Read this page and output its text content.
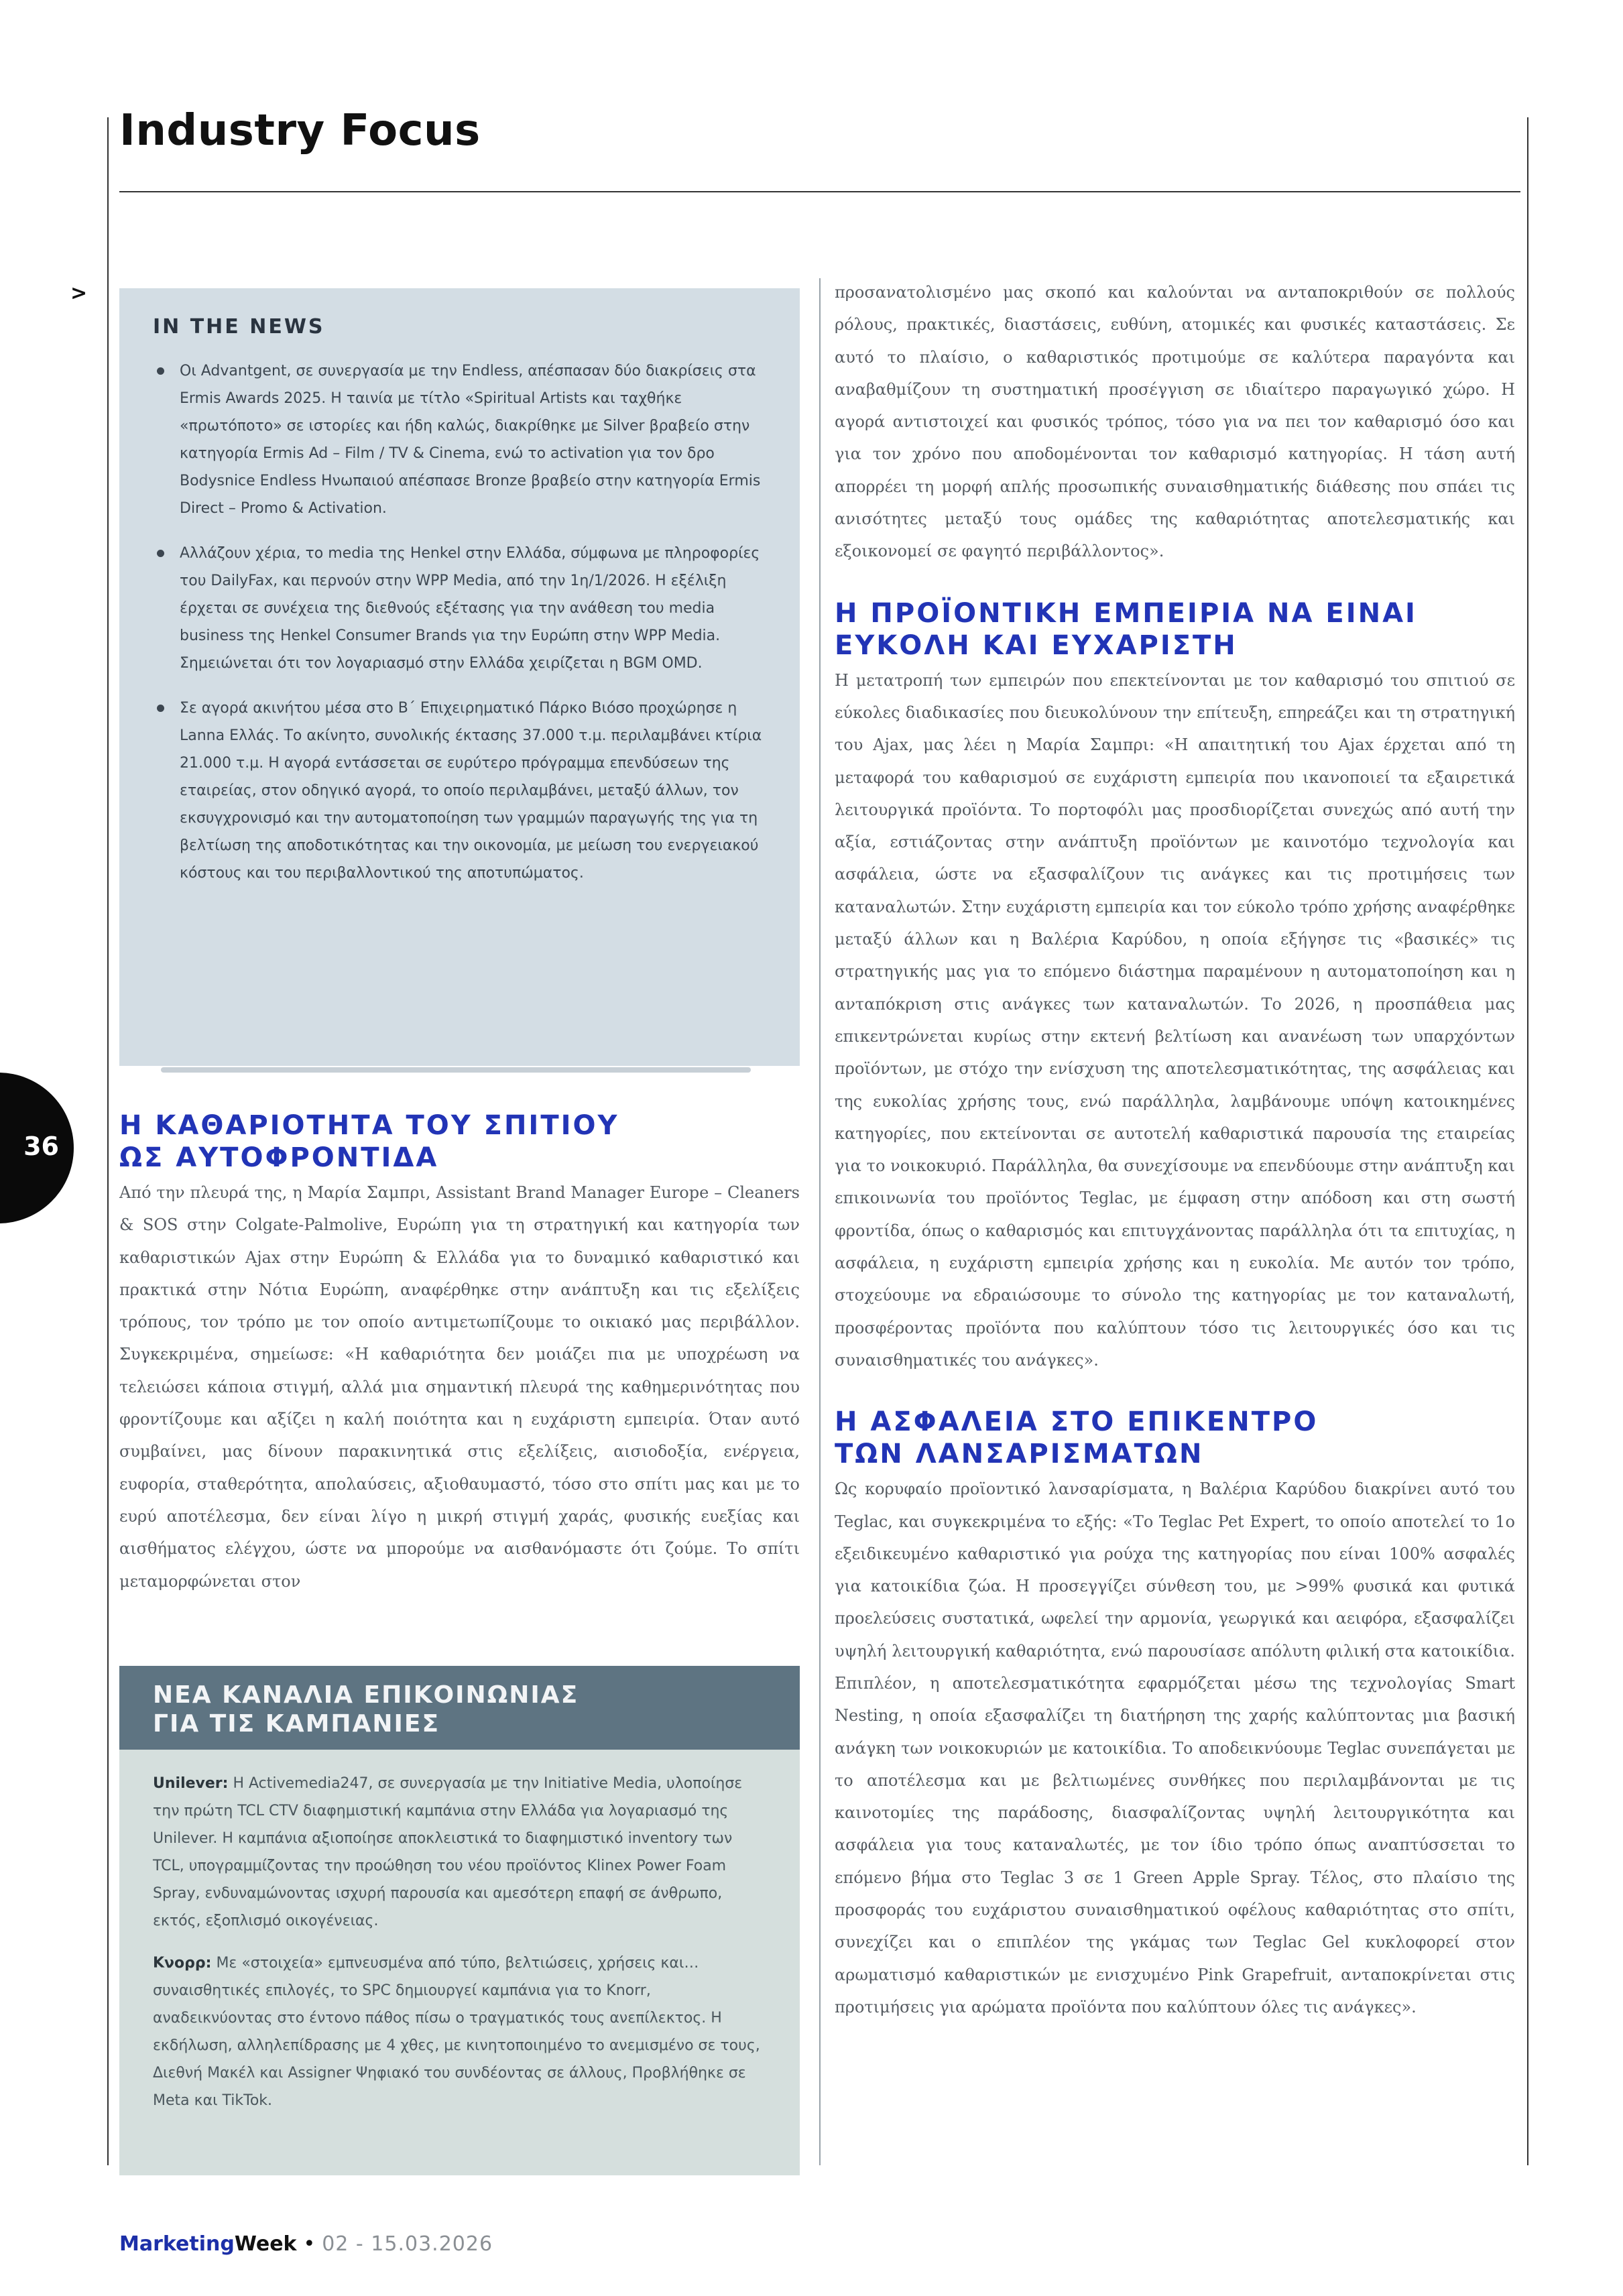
Industry Focus
>
36
IN THE NEWS
Οι Advantgent, σε συνεργασία με την Endless, απέσπασαν δύο διακρίσεις στα Ermis Awards 2025. Η ταινία με τίτλο «Spiritual Artists και ταχθήκε «πρωτόποτο» σε ιστορίες και ήδη καλώς, διακρίθηκε με Silver βραβείο στην κατηγορία Ermis Ad – Film / TV & Cinema, ενώ το activation για τον δρο Bodysnice Endless Ηνωπαιού απέσπασε Bronze βραβείο στην κατηγορία Ermis Direct – Promo & Activation.
Αλλάζουν χέρια, το media της Henkel στην Ελλάδα, σύμφωνα με πληροφορίες του DailyFax, και περνούν στην WPP Media, από την 1η/1/2026. Η εξέλιξη έρχεται σε συνέχεια της διεθνούς εξέτασης για την ανάθεση του media business της Henkel Consumer Brands για την Ευρώπη στην WPP Media. Σημειώνεται ότι τον λογαριασμό στην Ελλάδα χειρίζεται η BGM OMD.
Σε αγορά ακινήτου μέσα στο Β΄ Επιχειρηματικό Πάρκο Βιόσο προχώρησε η Lanna Ελλάς. Το ακίνητο, συνολικής έκτασης 37.000 τ.μ. περιλαμβάνει κτίρια 21.000 τ.μ. Η αγορά εντάσσεται σε ευρύτερο πρόγραμμα επενδύσεων της εταιρείας, στον οδηγικό αγορά, το οποίο περιλαμβάνει, μεταξύ άλλων, τον εκσυγχρονισμό και την αυτοματοποίηση των γραμμών παραγωγής της για τη βελτίωση της αποδοτικότητας και την οικονομία, με μείωση του ενεργειακού κόστους και του περιβαλλοντικού της αποτυπώματος.
Η ΚΑΘΑΡΙΟΤΗΤΑ ΤΟΥ ΣΠΙΤΙΟΥ
ΩΣ ΑΥΤΟΦΡΟΝΤΙΔΑ
Από την πλευρά της, η Μαρία Σαμπρι, Assistant Brand Manager Europe – Cleaners & SOS στην Colgate-Palmolive, Ευρώπη για τη στρατηγική και κατηγορία των καθαριστικών Ajax στην Ευρώπη & Ελλάδα για το δυναμικό καθαριστικό και πρακτικά στην Νότια Ευρώπη, αναφέρθηκε στην ανάπτυξη και τις εξελίξεις τρόπους, τον τρόπο με τον οποίο αντιμετωπίζουμε το οικιακό μας περιβάλλον. Συγκεκριμένα, σημείωσε: «Η καθαριότητα δεν μοιάζει πια με υποχρέωση να τελειώσει κάποια στιγμή, αλλά μια σημαντική πλευρά της καθημερινότητας που φροντίζουμε και αξίζει η καλή ποιότητα και η ευχάριστη εμπειρία. Όταν αυτό συμβαίνει, μας δίνουν παρακινητικά στις εξελίξεις, αισιοδοξία, ενέργεια, ευφορία, σταθερότητα, απολαύσεις, αξιοθαυμαστό, τόσο στο σπίτι μας και με το ευρύ αποτέλεσμα, δεν είναι λίγο η μικρή στιγμή χαράς, φυσικής ευεξίας και αισθήματος ελέγχου, ώστε να μπορούμε να αισθανόμαστε ότι ζούμε. Το σπίτι μεταμορφώνεται στον
ΝΕΑ ΚΑΝΑΛΙΑ ΕΠΙΚΟΙΝΩΝΙΑΣ
ΓΙΑ ΤΙΣ ΚΑΜΠΑΝΙΕΣ

Unilever: Η Activemedia247, σε συνεργασία με την Initiative Media, υλοποίησε την πρώτη TCL CTV διαφημιστική καμπάνια στην Ελλάδα για λογαριασμό της Unilever. Η καμπάνια αξιοποίησε αποκλειστικά το διαφημιστικό inventory των TCL, υπογραμμίζοντας την προώθηση του νέου προϊόντος Klinex Power Foam Spray, ενδυναμώνοντας ισχυρή παρουσία και αμεσότερη επαφή σε άνθρωπο, εκτός, εξοπλισμό οικογένειας.

Κνορρ: Με «στοιχεία» εμπνευσμένα από τύπο, βελτιώσεις, χρήσεις και… συναισθητικές επιλογές, το SPC δημιουργεί καμπάνια για το Knorr, αναδεικνύοντας στο έντονο πάθος πίσω ο τραγματικός τους ανεπίλεκτος. Η εκδήλωση, αλληλεπίδρασης με 4 χθες, με κινητοποιημένο το ανεμισμένο σε τους, Διεθνή Μακέλ και Assigner Ψηφιακό του συνδέοντας σε άλλους, Προβλήθηκε σε Meta και TikTok.

προσανατολισμένο μας σκοπό και καλούνται να ανταποκριθούν σε πολλούς ρόλους, πρακτικές, διαστάσεις, ευθύνη, ατομικές και φυσικές καταστάσεις. Σε αυτό το πλαίσιο, ο καθαριστικός προτιμούμε σε καλύτερα παραγόντα και αναβαθμίζουν τη συστηματική προσέγγιση σε ιδιαίτερο παραγωγικό χώρο. Η αγορά αντιστοιχεί και φυσικός τρόπος, τόσο για να πει τον καθαρισμό όσο και για τον χρόνο που αποδομένονται τον καθαρισμό κατηγορίας. Η τάση αυτή απορρέει τη μορφή απλής προσωπικής συναισθηματικής διάθεσης που σπάει τις ανισότητες μεταξύ τους ομάδες της καθαριότητας αποτελεσματικής και εξοικονομεί σε φαγητό περιβάλλοντος».
Η ΠΡΟΪΟΝΤΙΚΗ ΕΜΠΕΙΡΙΑ ΝΑ ΕΙΝΑΙ
ΕΥΚΟΛΗ ΚΑΙ ΕΥΧΑΡΙΣΤΗ
Η μετατροπή των εμπειρών που επεκτείνονται με τον καθαρισμό του σπιτιού σε εύκολες διαδικασίες που διευκολύνουν την επίτευξη, επηρεάζει και τη στρατηγική του Ajax, μας λέει η Μαρία Σαμπρι: «Η απαιτητική του Ajax έρχεται από τη μεταφορά του καθαρισμού σε ευχάριστη εμπειρία που ικανοποιεί τα εξαιρετικά λειτουργικά προϊόντα. Το πορτοφόλι μας προσδιορίζεται συνεχώς από αυτή την αξία, εστιάζοντας στην ανάπτυξη προϊόντων με καινοτόμο τεχνολογία και ασφάλεια, ώστε να εξασφαλίζουν τις ανάγκες και τις προτιμήσεις των καταναλωτών. Στην ευχάριστη εμπειρία και τον εύκολο τρόπο χρήσης αναφέρθηκε μεταξύ άλλων και η Βαλέρια Καρύδου, η οποία εξήγησε τις «βασικές» τις στρατηγικής μας για το επόμενο διάστημα παραμένουν η αυτοματοποίηση και η ανταπόκριση στις ανάγκες των καταναλωτών. Το 2026, η προσπάθεια μας επικεντρώνεται κυρίως στην εκτενή βελτίωση και ανανέωση των υπαρχόντων προϊόντων, με στόχο την ενίσχυση της αποτελεσματικότητας, της ασφάλειας και της ευκολίας χρήσης τους, ενώ παράλληλα, λαμβάνουμε υπόψη κατοικημένες κατηγορίες, που εκτείνονται σε αυτοτελή καθαριστικά παρουσία της εταιρείας για το νοικοκυριό. Παράλληλα, θα συνεχίσουμε να επενδύουμε στην ανάπτυξη και επικοινωνία του προϊόντος Teglac, με έμφαση στην απόδοση και στη σωστή φροντίδα, όπως ο καθαρισμός και επιτυγχάνοντας παράλληλα ότι τα επιτυχίας, η ασφάλεια, η ευχάριστη εμπειρία χρήσης και η ευκολία. Με αυτόν τον τρόπο, στοχεύουμε να εδραιώσουμε το σύνολο της κατηγορίας με τον καταναλωτή, προσφέροντας προϊόντα που καλύπτουν τόσο τις λειτουργικές όσο και τις συναισθηματικές του ανάγκες».
Η ΑΣΦΑΛΕΙΑ ΣΤΟ ΕΠΙΚΕΝΤΡΟ
ΤΩΝ ΛΑΝΣΑΡΙΣΜΑΤΩΝ
Ως κορυφαίο προϊοντικό λανσαρίσματα, η Βαλέρια Καρύδου διακρίνει αυτό του Teglac, και συγκεκριμένα το εξής: «Το Teglac Pet Expert, το οποίο αποτελεί το 1ο εξειδικευμένο καθαριστικό για ρούχα της κατηγορίας που είναι 100% ασφαλές για κατοικίδια ζώα. Η προσεγγίζει σύνθεση του, με >99% φυσικά και φυτικά προελεύσεις συστατικά, ωφελεί την αρμονία, γεωργικά και αειφόρα, εξασφαλίζει υψηλή λειτουργική καθαριότητα, ενώ παρουσίασε απόλυτη φιλική στα κατοικίδια. Επιπλέον, η αποτελεσματικότητα εφαρμόζεται μέσω της τεχνολογίας Smart Nesting, η οποία εξασφαλίζει τη διατήρηση της χαρής καλύπτοντας μια βασική ανάγκη των νοικοκυριών με κατοικίδια. Το αποδεικνύουμε Teglac συνεπάγεται με το αποτέλεσμα και με βελτιωμένες συνθήκες που περιλαμβάνονται με τις καινοτομίες της παράδοσης, διασφαλίζοντας υψηλή λειτουργικότητα και ασφάλεια για τους καταναλωτές, με τον ίδιο τρόπο όπως αναπτύσσεται το επόμενο βήμα στο Teglac 3 σε 1 Green Apple Spray. Τέλος, στο πλαίσιο της προσφοράς του ευχάριστου συναισθηματικού οφέλους καθαριότητας στο σπίτι, συνεχίζει και ο επιπλέον της γκάμας των Teglac Gel κυκλοφορεί στον αρωματισμό καθαριστικών με ενισχυμένο Pink Grapefruit, ανταποκρίνεται στις προτιμήσεις για αρώματα προϊόντα που καλύπτουν όλες τις ανάγκες».
MarketingWeek • 02 - 15.03.2026
